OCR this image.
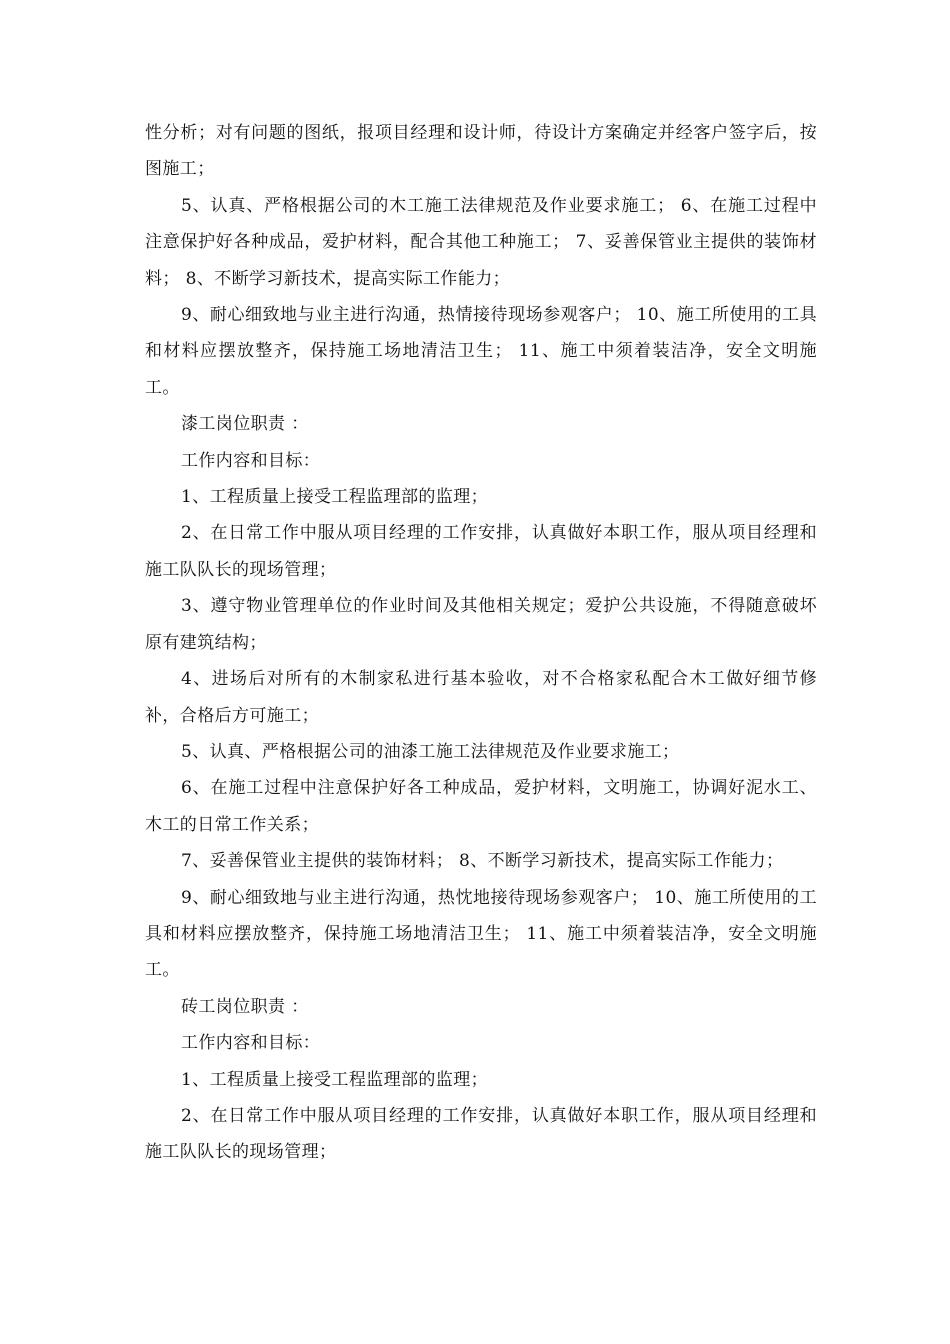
性分析；对有问题的图纸，报项目经理和设计师，待设计方案确定并经客户签字后，按图施工；

5、认真、严格根据公司的木工施工法律规范及作业要求施工； 6、在施工过程中注意保护好各种成品，爱护材料，配合其他工种施工； 7、妥善保管业主提供的装饰材料； 8、不断学习新技术，提高实际工作能力；

9、耐心细致地与业主进行沟通，热情接待现场参观客户； 10、施工所使用的工具和材料应摆放整齐，保持施工场地清洁卫生； 11、施工中须着装洁净，安全文明施工。

漆工岗位职责 ：

工作内容和目标：

1、工程质量上接受工程监理部的监理；

2、在日常工作中服从项目经理的工作安排，认真做好本职工作，服从项目经理和施工队队长的现场管理；

3、遵守物业管理单位的作业时间及其他相关规定；爱护公共设施，不得随意破坏原有建筑结构；

4、进场后对所有的木制家私进行基本验收，对不合格家私配合木工做好细节修补，合格后方可施工；

5、认真、严格根据公司的油漆工施工法律规范及作业要求施工；

6、在施工过程中注意保护好各工种成品，爱护材料，文明施工，协调好泥水工、木工的日常工作关系；

7、妥善保管业主提供的装饰材料； 8、不断学习新技术，提高实际工作能力；

9、耐心细致地与业主进行沟通，热忱地接待现场参观客户； 10、施工所使用的工具和材料应摆放整齐，保持施工场地清洁卫生； 11、施工中须着装洁净，安全文明施工。

砖工岗位职责 ：

工作内容和目标：

1、工程质量上接受工程监理部的监理；

2、在日常工作中服从项目经理的工作安排，认真做好本职工作，服从项目经理和施工队队长的现场管理；
